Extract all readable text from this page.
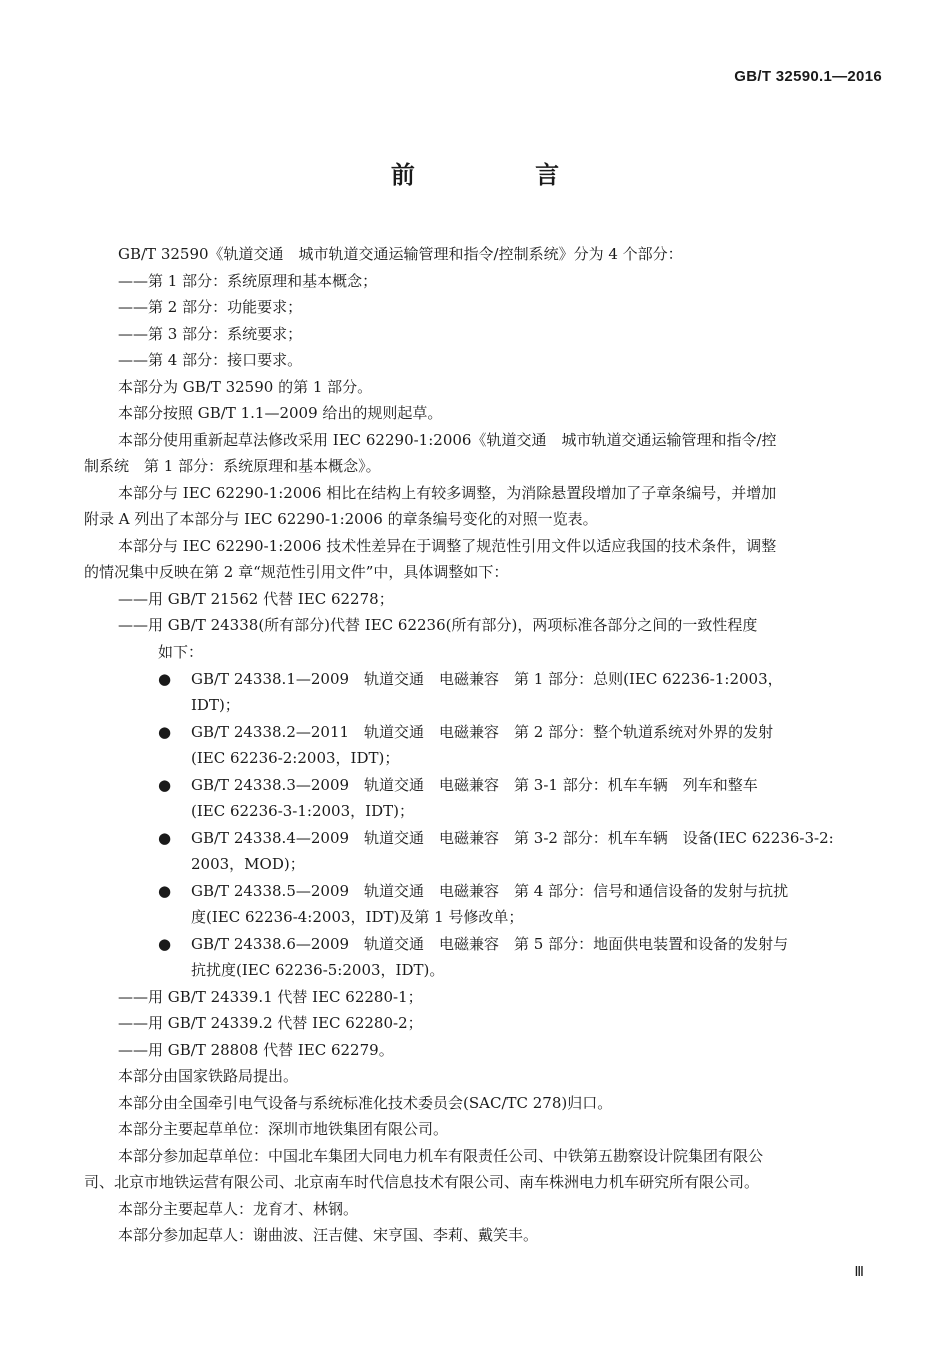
GB/T 32590.1—2016
前 言
GB/T 32590《轨道交通　城市轨道交通运输管理和指令/控制系统》分为 4 个部分：
——第 1 部分：系统原理和基本概念；
——第 2 部分：功能要求；
——第 3 部分：系统要求；
——第 4 部分：接口要求。
本部分为 GB/T 32590 的第 1 部分。
本部分按照 GB/T 1.1—2009 给出的规则起草。
本部分使用重新起草法修改采用 IEC 62290-1:2006《轨道交通　城市轨道交通运输管理和指令/控
制系统　第 1 部分：系统原理和基本概念》。
本部分与 IEC 62290-1:2006 相比在结构上有较多调整，为消除悬置段增加了子章条编号，并增加
附录 A 列出了本部分与 IEC 62290-1:2006 的章条编号变化的对照一览表。
本部分与 IEC 62290-1:2006 技术性差异在于调整了规范性引用文件以适应我国的技术条件，调整
的情况集中反映在第 2 章“规范性引用文件”中，具体调整如下：
——用 GB/T 21562 代替 IEC 62278；
——用 GB/T 24338(所有部分)代替 IEC 62236(所有部分)，两项标准各部分之间的一致性程度
如下：
● GB/T 24338.1—2009　轨道交通　电磁兼容　第 1 部分：总则(IEC 62236-1:2003，
IDT)；
● GB/T 24338.2—2011　轨道交通　电磁兼容　第 2 部分：整个轨道系统对外界的发射
(IEC 62236-2:2003，IDT)；
● GB/T 24338.3—2009　轨道交通　电磁兼容　第 3-1 部分：机车车辆　列车和整车
(IEC 62236-3-1:2003，IDT)；
● GB/T 24338.4—2009　轨道交通　电磁兼容　第 3-2 部分：机车车辆　设备(IEC 62236-3-2:
2003，MOD)；
● GB/T 24338.5—2009　轨道交通　电磁兼容　第 4 部分：信号和通信设备的发射与抗扰
度(IEC 62236-4:2003，IDT)及第 1 号修改单；
● GB/T 24338.6—2009　轨道交通　电磁兼容　第 5 部分：地面供电装置和设备的发射与
抗扰度(IEC 62236-5:2003，IDT)。
——用 GB/T 24339.1 代替 IEC 62280-1；
——用 GB/T 24339.2 代替 IEC 62280-2；
——用 GB/T 28808 代替 IEC 62279。
本部分由国家铁路局提出。
本部分由全国牵引电气设备与系统标准化技术委员会(SAC/TC 278)归口。
本部分主要起草单位：深圳市地铁集团有限公司。
本部分参加起草单位：中国北车集团大同电力机车有限责任公司、中铁第五勘察设计院集团有限公
司、北京市地铁运营有限公司、北京南车时代信息技术有限公司、南车株洲电力机车研究所有限公司。
本部分主要起草人：龙育才、林钢。
本部分参加起草人：谢曲波、汪吉健、宋亨国、李莉、戴笑丰。
Ⅲ
